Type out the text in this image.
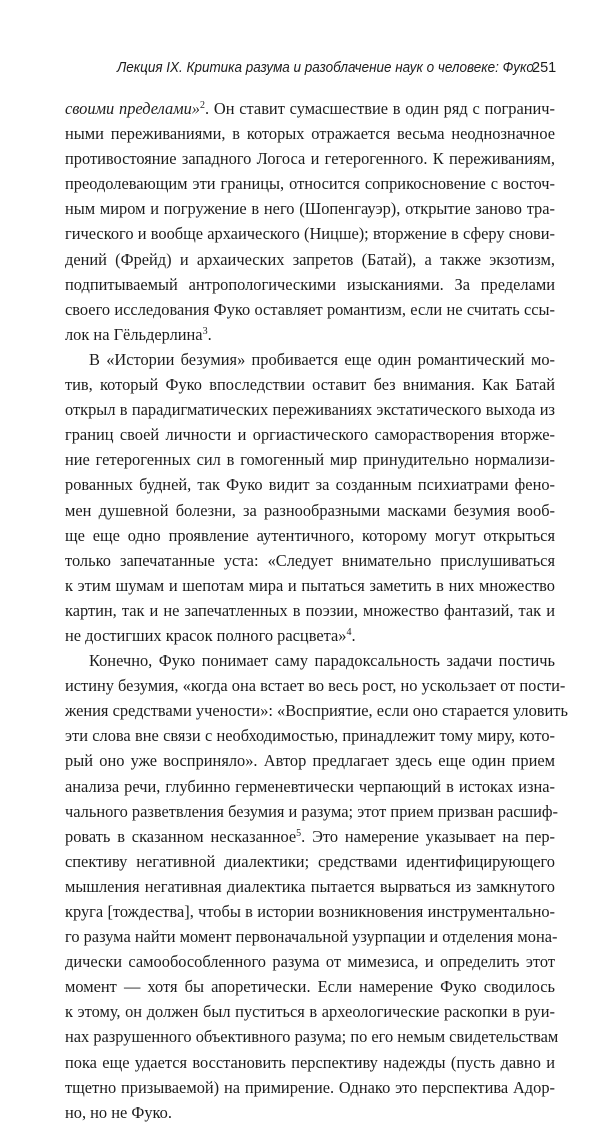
Лекция IX. Критика разума и разоблачение наук о человеке: Фуко
251
своими пределами»$^2$. Он ставит сумасшествие в один ряд с погранич-
ными переживаниями, в которых отражается весьма неоднозначное
противостояние западного Логоса и гетерогенного. К переживаниям,
преодолевающим эти границы, относится соприкосновение с восточ-
ным миром и погружение в него (Шопенгауэр), открытие заново тра-
гического и вообще архаического (Ницше); вторжение в сферу снови-
дений (Фрейд) и архаических запретов (Батай), а также экзотизм,
подпитываемый антропологическими изысканиями. За пределами
своего исследования Фуко оставляет романтизм, если не считать ссы-
лок на Гёльдерлина$^3$.
В «Истории безумия» пробивается еще один романтический мо-
тив, который Фуко впоследствии оставит без внимания. Как Батай
открыл в парадигматических переживаниях экстатического выхода из
границ своей личности и оргиастического саморастворения вторже-
ние гетерогенных сил в гомогенный мир принудительно нормализи-
рованных будней, так Фуко видит за созданным психиатрами фено-
мен душевной болезни, за разнообразными масками безумия вооб-
ще еще одно проявление аутентичного, которому могут открыться
только запечатанные уста: «Следует внимательно прислушиваться
к этим шумам и шепотам мира и пытаться заметить в них множество
картин, так и не запечатленных в поэзии, множество фантазий, так и
не достигших красок полного расцвета»$^4$.
Конечно, Фуко понимает саму парадоксальность задачи постичь
истину безумия, «когда она встает во весь рост, но ускользает от пости-
жения средствами учености»: «Восприятие, если оно старается уловить
эти слова вне связи с необходимостью, принадлежит тому миру, кото-
рый оно уже восприняло». Автор предлагает здесь еще один прием
анализа речи, глубинно герменевтически черпающий в истоках изна-
чального разветвления безумия и разума; этот прием призван расшиф-
ровать в сказанном несказанное$^5$. Это намерение указывает на пер-
спективу негативной диалектики; средствами идентифицирующего
мышления негативная диалектика пытается вырваться из замкнутого
круга [тождества], чтобы в истории возникновения инструментально-
го разума найти момент первоначальной узурпации и отделения мона-
дически самообособленного разума от мимезиса, и определить этот
момент — хотя бы апоретически. Если намерение Фуко сводилось
к этому, он должен был пуститься в археологические раскопки в руи-
нах разрушенного объективного разума; по его немым свидетельствам
пока еще удается восстановить перспективу надежды (пусть давно и
тщетно призываемой) на примирение. Однако это перспектива Адор-
но, но не Фуко.
